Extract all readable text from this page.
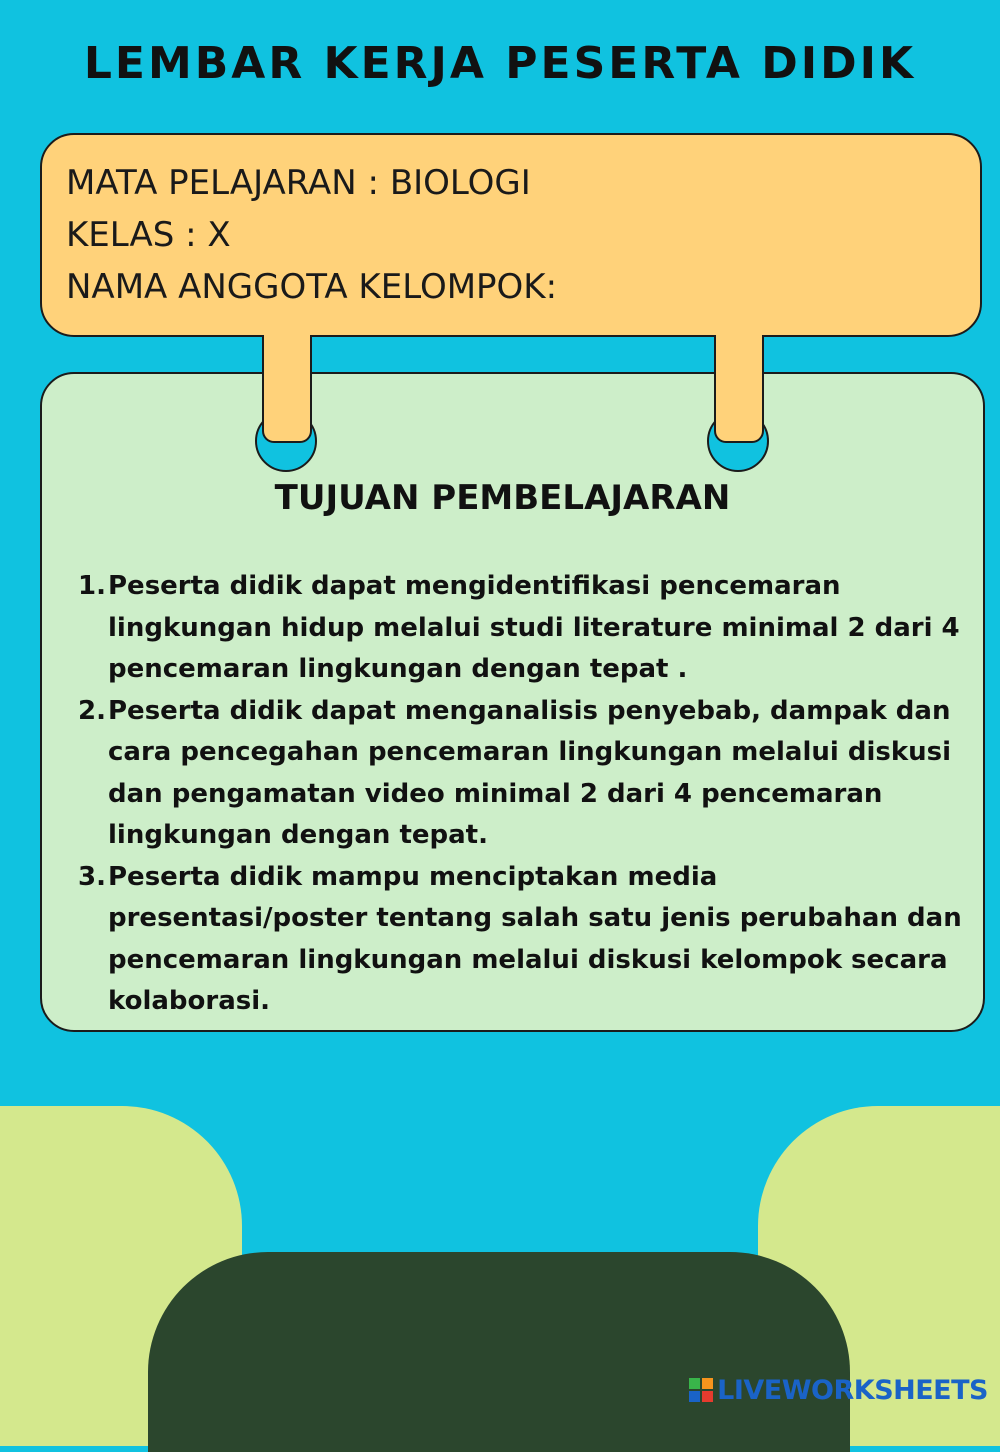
LEMBAR KERJA PESERTA DIDIK
MATA PELAJARAN : BIOLOGI
KELAS : X
NAMA ANGGOTA KELOMPOK:
TUJUAN PEMBELAJARAN
1. Peserta didik dapat mengidentifikasi pencemaran lingkungan hidup melalui studi literature minimal 2 dari 4 pencemaran lingkungan dengan tepat .
2. Peserta didik dapat menganalisis penyebab, dampak dan cara pencegahan pencemaran lingkungan melalui diskusi dan pengamatan video minimal 2 dari 4 pencemaran lingkungan dengan tepat.
3. Peserta didik mampu menciptakan media presentasi/poster tentang salah satu jenis perubahan dan pencemaran lingkungan melalui diskusi kelompok secara kolaborasi.
LIVEWORKSHEETS
